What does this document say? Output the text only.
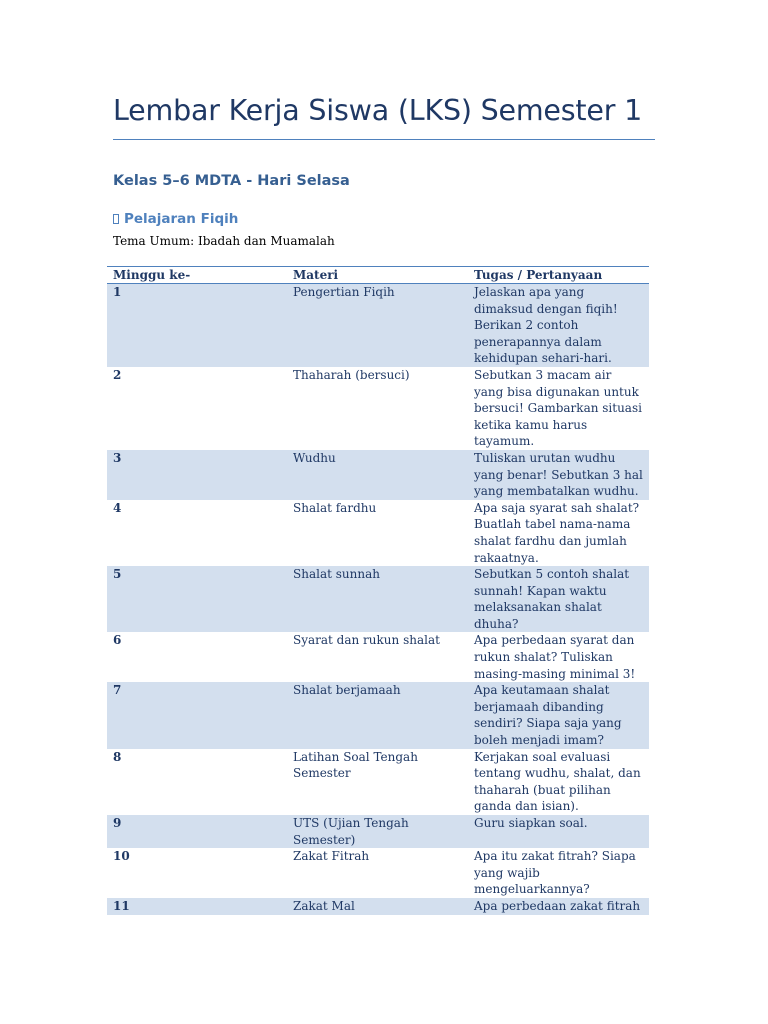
Lembar Kerja Siswa (LKS) Semester 1
Kelas 5–6 MDTA - Hari Selasa
Pelajaran Fiqih
Tema Umum: Ibadah dan Muamalah
Minggu ke-	Materi	Tugas / Pertanyaan
1	Pengertian Fiqih	Jelaskan apa yang dimaksud dengan fiqih! Berikan 2 contoh penerapannya dalam kehidupan sehari-hari.
2	Thaharah (bersuci)	Sebutkan 3 macam air yang bisa digunakan untuk bersuci! Gambarkan situasi ketika kamu harus tayamum.
3	Wudhu	Tuliskan urutan wudhu yang benar! Sebutkan 3 hal yang membatalkan wudhu.
4	Shalat fardhu	Apa saja syarat sah shalat? Buatlah tabel nama-nama shalat fardhu dan jumlah rakaatnya.
5	Shalat sunnah	Sebutkan 5 contoh shalat sunnah! Kapan waktu melaksanakan shalat dhuha?
6	Syarat dan rukun shalat	Apa perbedaan syarat dan rukun shalat? Tuliskan masing-masing minimal 3!
7	Shalat berjamaah	Apa keutamaan shalat berjamaah dibanding sendiri? Siapa saja yang boleh menjadi imam?
8	Latihan Soal Tengah Semester	Kerjakan soal evaluasi tentang wudhu, shalat, dan thaharah (buat pilihan ganda dan isian).
9	UTS (Ujian Tengah Semester)	Guru siapkan soal.
10	Zakat Fitrah	Apa itu zakat fitrah? Siapa yang wajib mengeluarkannya?
11	Zakat Mal	Apa perbedaan zakat fitrah
